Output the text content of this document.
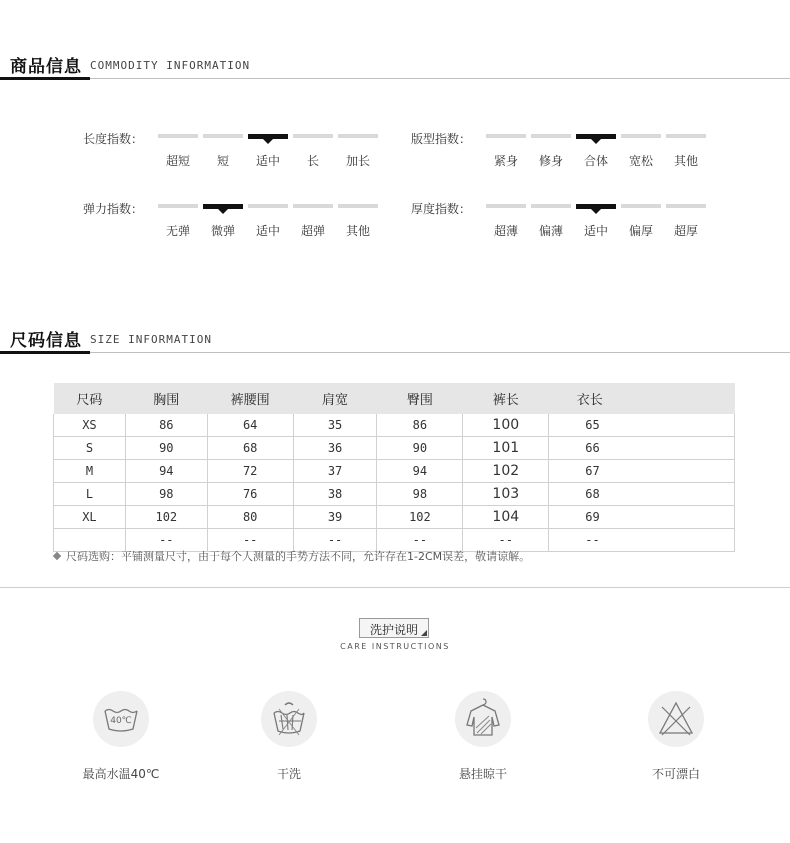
商品信息 COMMODITY INFORMATION
长度指数：
超短	短	适中	长	加长
版型指数：
紧身	修身	合体	宽松	其他
弹力指数：
无弹	微弹	适中	超弹	其他
厚度指数：
超薄	偏薄	适中	偏厚	超厚
尺码信息 SIZE INFORMATION
尺码	胸围	裤腰围	肩宽	臀围	裤长	衣长
XS	86	64	35	86	100	65
S	90	68	36	90	101	66
M	94	72	37	94	102	67
L	98	76	38	98	103	68
XL	102	80	39	102	104	69
	--	--	--	--	--	--
尺码选购：平铺测量尺寸，由于每个人测量的手势方法不同，允许存在1-2CM误差，敬请谅解。
洗护说明
CARE INSTRUCTIONS
40℃
最高水温40℃	干洗	悬挂晾干	不可漂白
